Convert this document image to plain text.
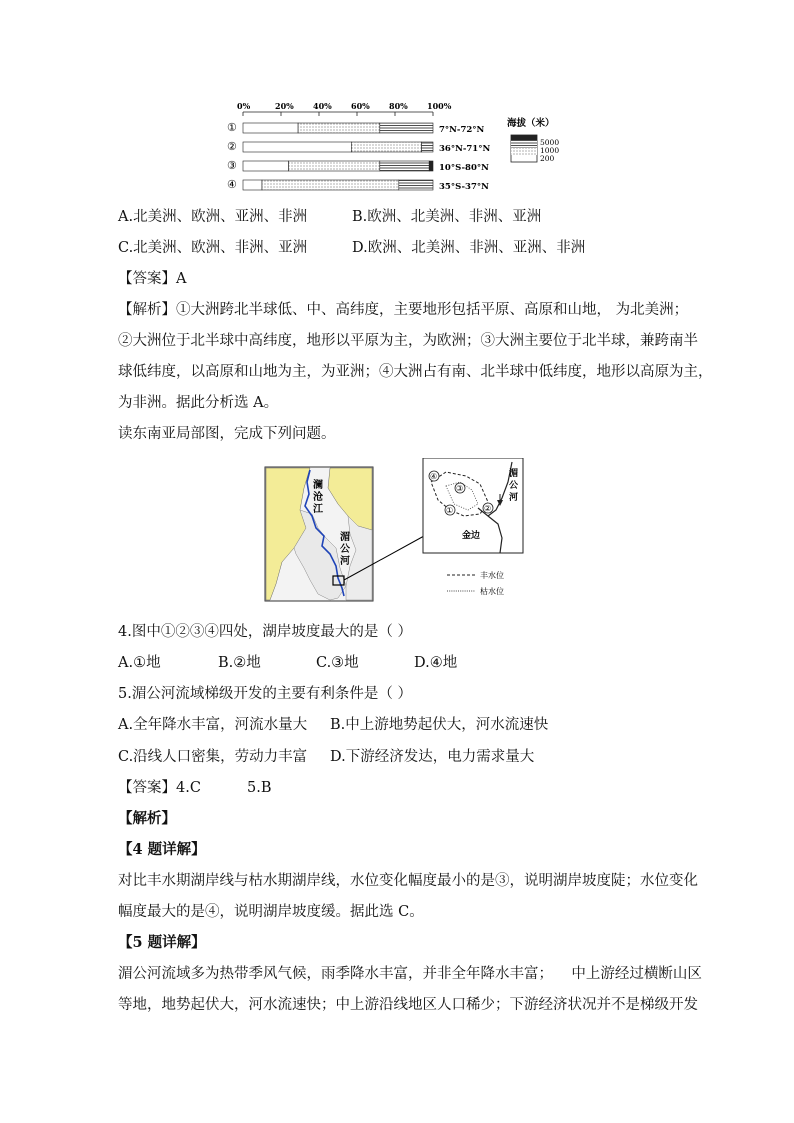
0%	20% 40% 60% 80% 100%
①	7°N-72°N
②	36°N-71°N
③	10°S-80°N
④	35°S-37°N
海拔（米）
5000
1000
200
A.北美洲、欧洲、亚洲、非洲	B.欧洲、北美洲、非洲、亚洲
C.北美洲、欧洲、非洲、亚洲	D.欧洲、北美洲、非洲、亚洲、非洲
【答案】A
【解析】①大洲跨北半球低、中、高纬度，主要地形包括平原、高原和山地， 为北美洲；
②大洲位于北半球中高纬度，地形以平原为主，为欧洲；③大洲主要位于北半球，兼跨南半
球低纬度，以高原和山地为主，为亚洲；④大洲占有南、北半球中低纬度，地形以高原为主，
为非洲。据此分析选 A。
读东南亚局部图，完成下列问题。
澜
沧
江
湄
公
河
④
③
①	②
湄
公
河
金边
丰水位
枯水位
4.图中①②③④四处，湖岸坡度最大的是（ ）
A.①地	B.②地	C.③地	D.④地
5.湄公河流域梯级开发的主要有利条件是（ ）
A.全年降水丰富，河流水量大 B.中上游地势起伏大，河水流速快
C.沿线人口密集，劳动力丰富 D.下游经济发达，电力需求量大
【答案】4.C          5.B
【解析】
【4 题详解】
对比丰水期湖岸线与枯水期湖岸线，水位变化幅度最小的是③，说明湖岸坡度陡；水位变化
幅度最大的是④，说明湖岸坡度缓。据此选 C。
【5 题详解】
湄公河流域多为热带季风气候，雨季降水丰富，并非全年降水丰富；    中上游经过横断山区
等地，地势起伏大，河水流速快；中上游沿线地区人口稀少；下游经济状况并不是梯级开发
